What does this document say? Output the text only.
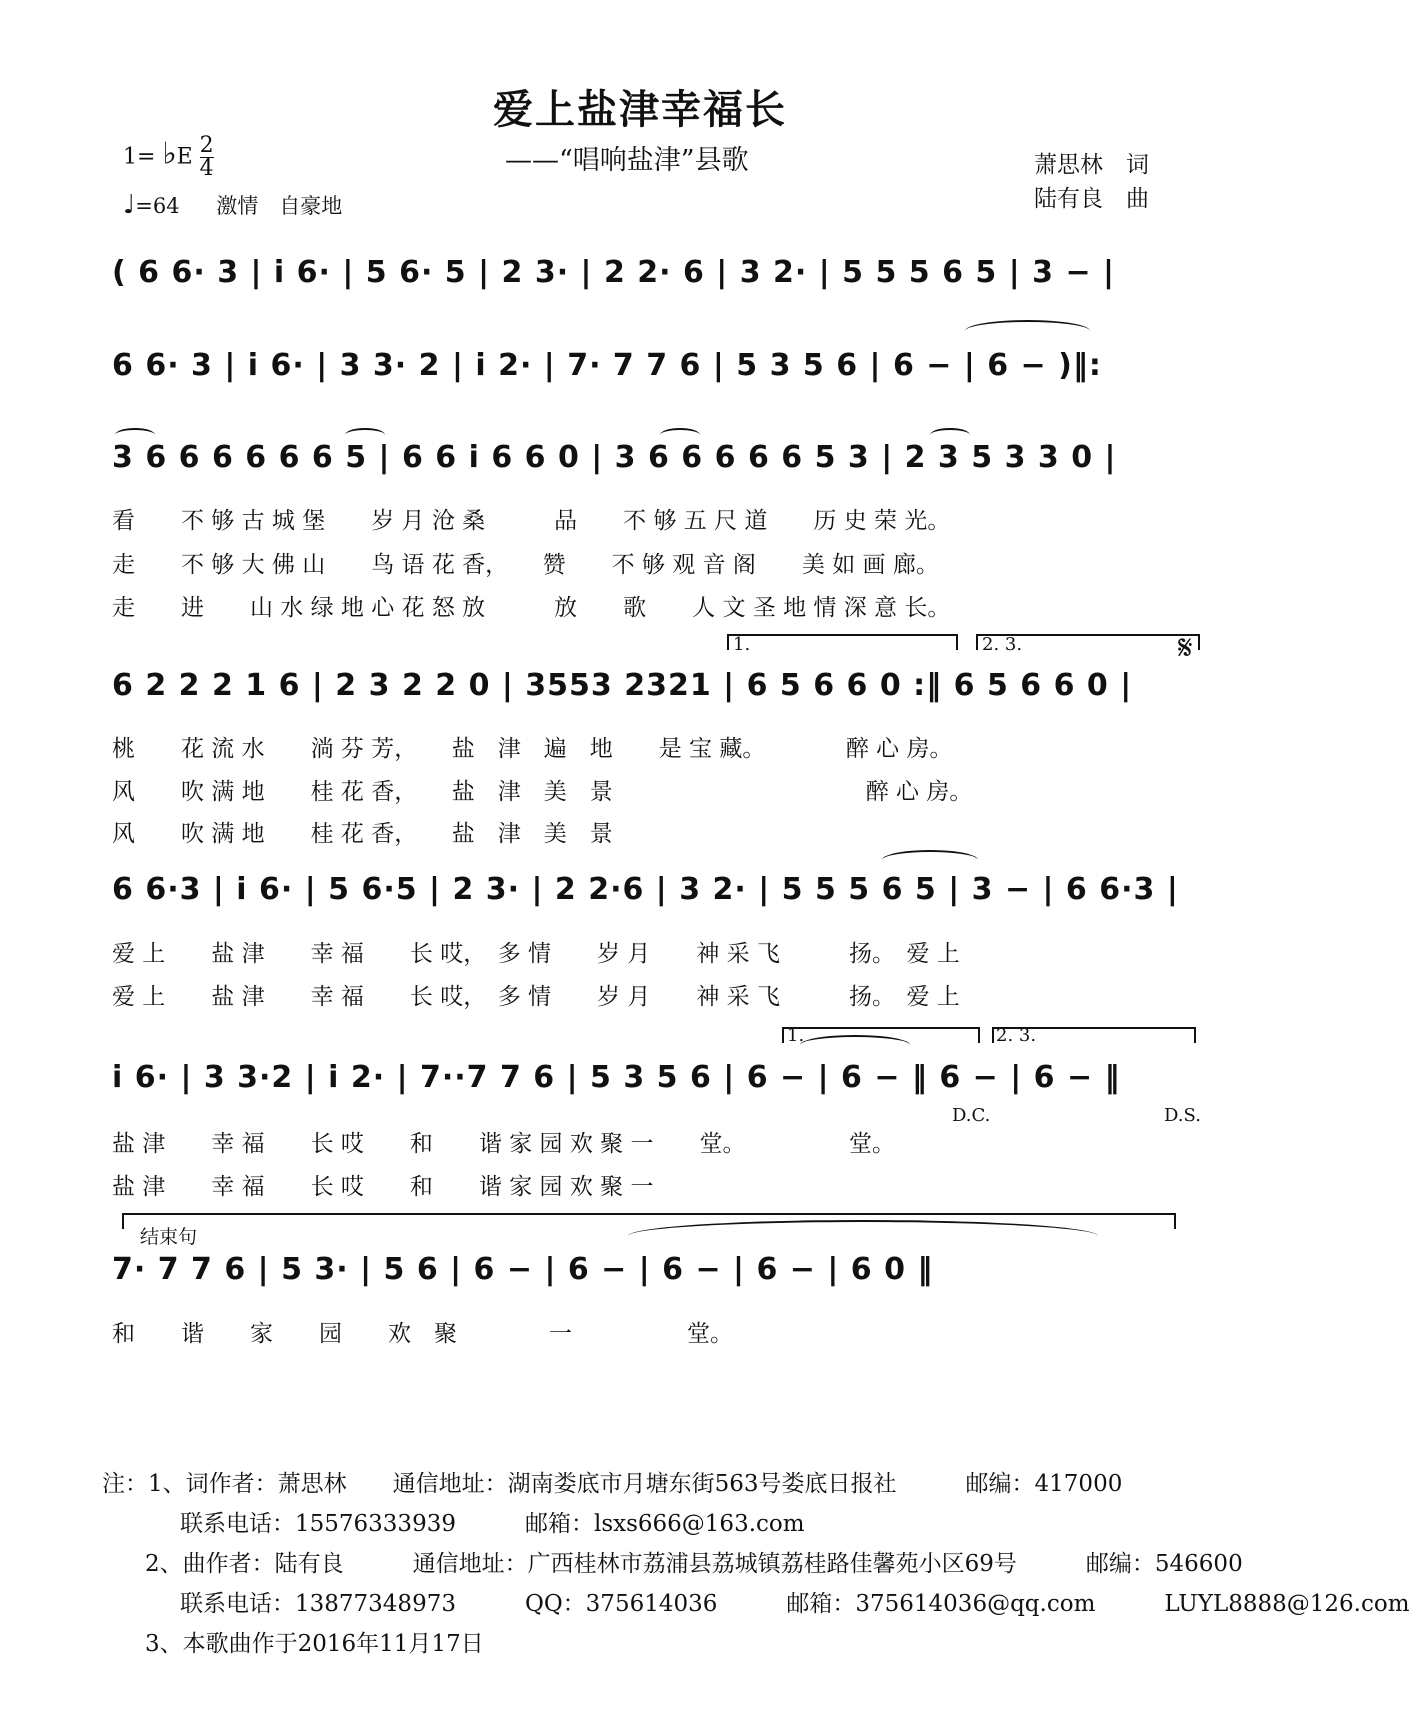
爱上盐津幸福长
——“唱响盐津”县歌	萧思林　词
陆有良　曲
1= ♭E $\frac{2}{4}$
♩=64 激情　自豪地
( 6 6· 3 | i 6· | 5 6· 5 | 2 3· | 2 2· 6 | 3 2· | 5 5 5 6 5 | 3 − |
6 6· 3 | i 6· | 3 3· 2 | i 2· | 7· 7 7 6 | 5 3 5 6 | 6 − | 6 − )‖:
3 6 6 6 6 6 6 5 | 6 6 i 6 6 0 | 3 6 6 6 6 6 5 3 | 2 3 5 3 3 0 |
看　　不 够 古 城 堡　　岁 月 沧 桑　　　品　　不 够 五 尺 道　　历 史 荣 光。
走　　不 够 大 佛 山　　鸟 语 花 香，　　赞　　不 够 观 音 阁　　美 如 画 廊。
走　　进　　山 水 绿 地 心 花 怒 放　　　放　　歌　　人 文 圣 地 情 深 意 长。
1.	2. 3.	𝄋
6 2 2 2 1 6 | 2 3 2 2 0 | 3553 2321 | 6 5 6 6 0 :‖ 6 5 6 6 0 |
桃　　花 流 水　　淌 芬 芳，　　盐　津　遍　地　　是 宝 藏。　　　　醉 心 房。
风　　吹 满 地　　桂 花 香，　　盐　津　美　景　　　　　　　　　　　醉 心 房。
风　　吹 满 地　　桂 花 香，　　盐　津　美　景
6 6·3 | i 6· | 5 6·5 | 2 3· | 2 2·6 | 3 2· | 5 5 5 6 5 | 3 − | 6 6·3 |
爱 上　　盐 津　　幸 福　　长 哎，　多 情　　岁 月　　神 采 飞　　　扬。　爱 上
爱 上　　盐 津　　幸 福　　长 哎，　多 情　　岁 月　　神 采 飞　　　扬。　爱 上
1.	2. 3.
i 6· | 3 3·2 | i 2· | 7··7 7 6 | 5 3 5 6 | 6 − | 6 − ‖ 6 − | 6 − ‖
D.C.	D.S.
盐 津　　幸 福　　长 哎　　和　　谐 家 园 欢 聚 一　　堂。　　　　　堂。
盐 津　　幸 福　　长 哎　　和　　谐 家 园 欢 聚 一
结束句
7· 7 7 6 | 5 3· | 5 6 | 6 − | 6 − | 6 − | 6 − | 6 0 ‖
和　　谐　　家　　园　　欢　聚　　　　一　　　　　堂。
注：1、词作者：萧思林　　通信地址：湖南娄底市月塘东街563号娄底日报社　　　邮编：417000
联系电话：15576333939　　　邮箱：lsxs666@163.com
2、曲作者：陆有良　　　通信地址：广西桂林市荔浦县荔城镇荔桂路佳馨苑小区69号　　　邮编：546600
联系电话：13877348973　　　QQ：375614036　　　邮箱：375614036@qq.com　　　LUYL8888@126.com
3、本歌曲作于2016年11月17日
